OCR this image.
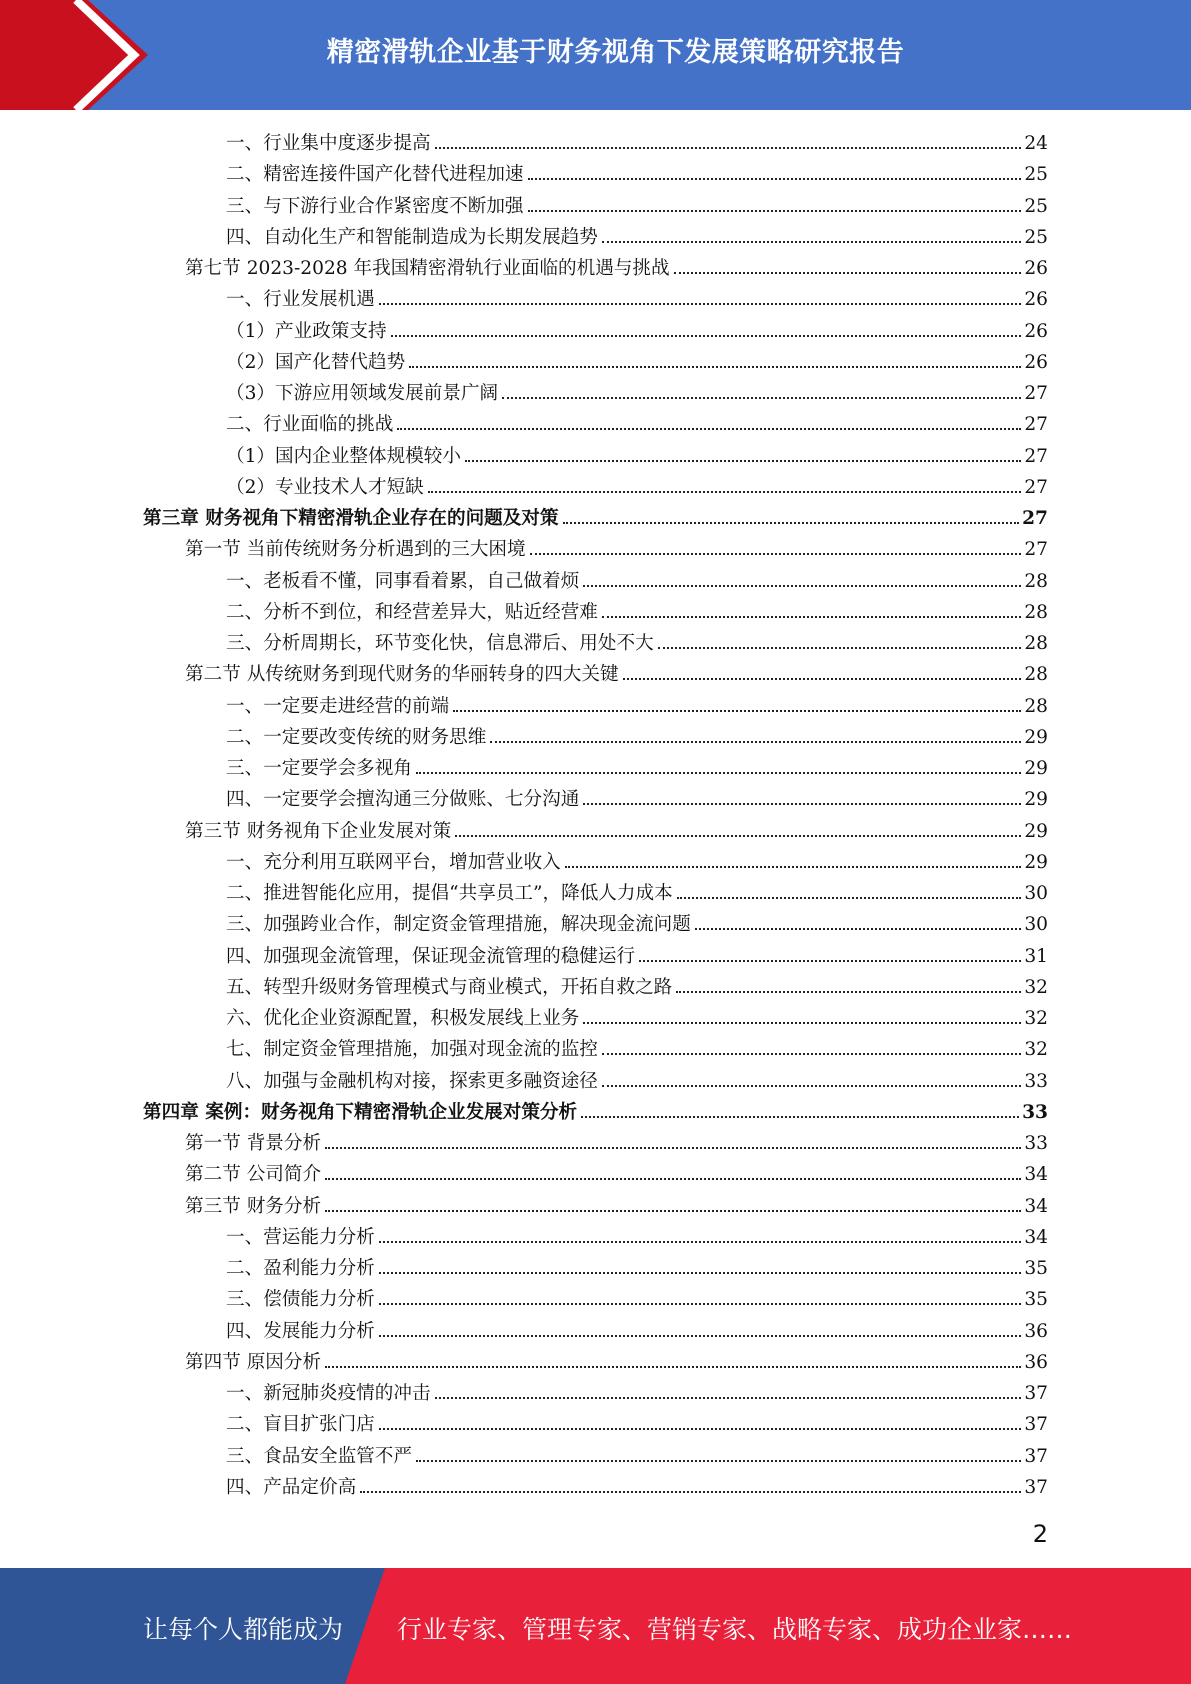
精密滑轨企业基于财务视角下发展策略研究报告
一、行业集中度逐步提高	24
二、精密连接件国产化替代进程加速	25
三、与下游行业合作紧密度不断加强	25
四、自动化生产和智能制造成为长期发展趋势	25
第七节 2023-2028 年我国精密滑轨行业面临的机遇与挑战	26
一、行业发展机遇	26
（1）产业政策支持	26
（2）国产化替代趋势	26
（3）下游应用领域发展前景广阔	27
二、行业面临的挑战	27
（1）国内企业整体规模较小	27
（2）专业技术人才短缺	27
第三章 财务视角下精密滑轨企业存在的问题及对策	27
第一节 当前传统财务分析遇到的三大困境	27
一、老板看不懂，同事看着累，自己做着烦	28
二、分析不到位，和经营差异大，贴近经营难	28
三、分析周期长，环节变化快，信息滞后、用处不大	28
第二节 从传统财务到现代财务的华丽转身的四大关键	28
一、一定要走进经营的前端	28
二、一定要改变传统的财务思维	29
三、一定要学会多视角	29
四、一定要学会擅沟通三分做账、七分沟通	29
第三节 财务视角下企业发展对策	29
一、充分利用互联网平台，增加营业收入	29
二、推进智能化应用，提倡“共享员工”，降低人力成本	30
三、加强跨业合作，制定资金管理措施，解决现金流问题	30
四、加强现金流管理，保证现金流管理的稳健运行	31
五、转型升级财务管理模式与商业模式，开拓自救之路	32
六、优化企业资源配置，积极发展线上业务	32
七、制定资金管理措施，加强对现金流的监控	32
八、加强与金融机构对接，探索更多融资途径	33
第四章 案例：财务视角下精密滑轨企业发展对策分析	33
第一节 背景分析	33
第二节 公司简介	34
第三节 财务分析	34
一、营运能力分析	34
二、盈利能力分析	35
三、偿债能力分析	35
四、发展能力分析	36
第四节 原因分析	36
一、新冠肺炎疫情的冲击	37
二、盲目扩张门店	37
三、食品安全监管不严	37
四、产品定价高	37
2
让每个人都能成为 行业专家、管理专家、营销专家、战略专家、成功企业家……
